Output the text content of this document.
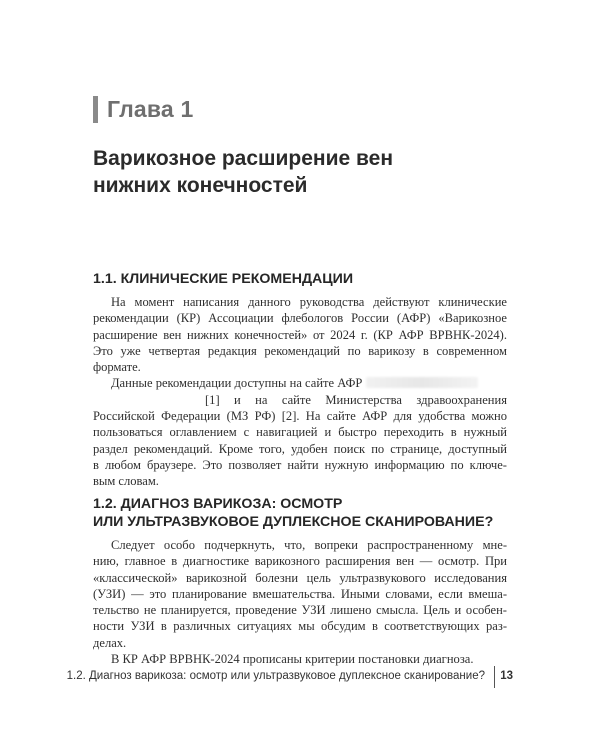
Глава 1
Варикозное расширение вен
нижних конечностей
1.1. КЛИНИЧЕСКИЕ РЕКОМЕНДАЦИИ

На момент написания данного руководства действуют клинические
рекомендации (КР) Ассоциации флебологов России (АФР) «Варикозное
расширение вен нижних конечностей» от 2024 г. (КР АФР ВРВНК-2024).
Это уже четвертая редакция рекомендаций по варикозу в современном
формате.

Данные рекомендации доступны на сайте АФР
[1] и на сайте Министерства здравоохранения
Российской Федерации (МЗ РФ) [2]. На сайте АФР для удобства можно
пользоваться оглавлением с навигацией и быстро переходить в нужный
раздел рекомендаций. Кроме того, удобен поиск по странице, доступный
в любом браузере. Это позволяет найти нужную информацию по ключе-
вым словам.

1.2. ДИАГНОЗ ВАРИКОЗА: ОСМОТР
ИЛИ УЛЬТРАЗВУКОВОЕ ДУПЛЕКСНОЕ СКАНИРОВАНИЕ?

Следует особо подчеркнуть, что, вопреки распространенному мне-
нию, главное в диагностике варикозного расширения вен — осмотр. При
«классической» варикозной болезни цель ультразвукового исследования
(УЗИ) — это планирование вмешательства. Иными словами, если вмеша-
тельство не планируется, проведение УЗИ лишено смысла. Цель и особен-
ности УЗИ в различных ситуациях мы обсудим в соответствующих раз-
делах.

В КР АФР ВРВНК-2024 прописаны критерии постановки диагноза.

1.2. Диагноз варикоза: осмотр или ультразвуковое дуплексное сканирование? 13
